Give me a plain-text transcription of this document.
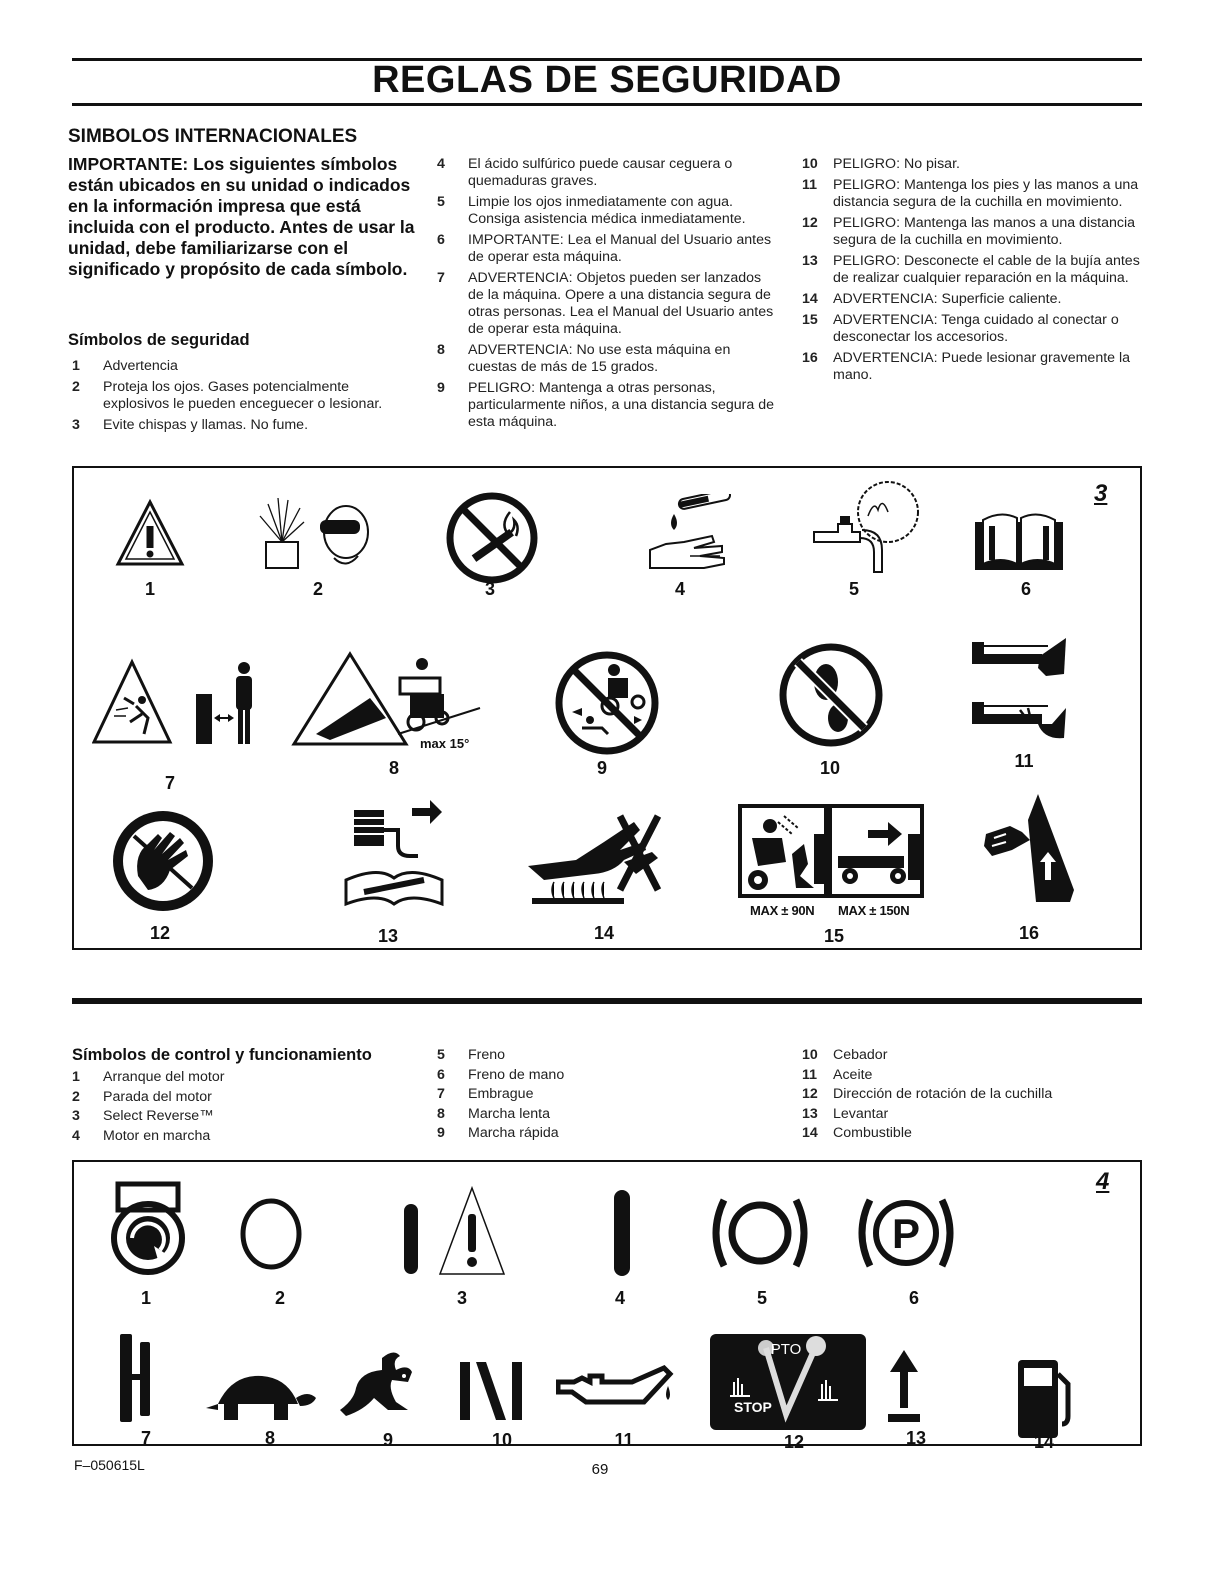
REGLAS DE SEGURIDAD
SIMBOLOS INTERNACIONALES
IMPORTANTE: Los siguientes símbolos están ubicados en su unidad o indicados en la información impresa que está incluida con el producto. Antes de usar la unidad, debe familiarizarse con el significado y propósito de cada símbolo.
Símbolos de seguridad
1	Advertencia
2	Proteja los ojos. Gases potencialmente explosivos le pueden enceguecer o lesionar.
3	Evite chispas y llamas. No fume.
4	El ácido sulfúrico puede causar ceguera o quemaduras graves.
5	Limpie los ojos inmediatamente con agua. Consiga asistencia médica inmediatamente.
6	IMPORTANTE: Lea el Manual del Usuario antes de operar esta máquina.
7	ADVERTENCIA: Objetos pueden ser lanzados de la máquina. Opere a una distancia segura de otras personas. Lea el Manual del Usuario antes de operar esta máquina.
8	ADVERTENCIA: No use esta máquina en cuestas de más de 15 grados.
9	PELIGRO: Mantenga a otras personas, particularmente niños, a una distancia segura de esta máquina.
10	PELIGRO: No pisar.
11	PELIGRO: Mantenga los pies y las manos a una distancia segura de la cuchilla en movimiento.
12	PELIGRO: Mantenga las manos a una distancia segura de la cuchilla en movimiento.
13	PELIGRO: Desconecte el cable de la bujía antes de realizar cualquier reparación en la máquina.
14	ADVERTENCIA: Superficie caliente.
15	ADVERTENCIA: Tenga cuidado al conectar o desconectar los accesorios.
16	ADVERTENCIA: Puede lesionar gravemente la mano.
3
1	2	3	4	5	6
max 15°
7
8	9	10	11
MAX ± 90N MAX ± 150N
12	13	14	15	16
Símbolos de control y funcionamiento
1	Arranque del motor
2	Parada del motor
3	Select Reverse™
4	Motor en marcha
5	Freno
6	Freno de mano
7	Embrague
8	Marcha lenta
9	Marcha rápida
10	Cebador
11	Aceite
12	Dirección de rotación de la cuchilla
13	Levantar
14	Combustible
4
P
1	2	3	4	5	6
PTO
STOP
7	8	9	10	11	12	13	14
F–050615L	69
